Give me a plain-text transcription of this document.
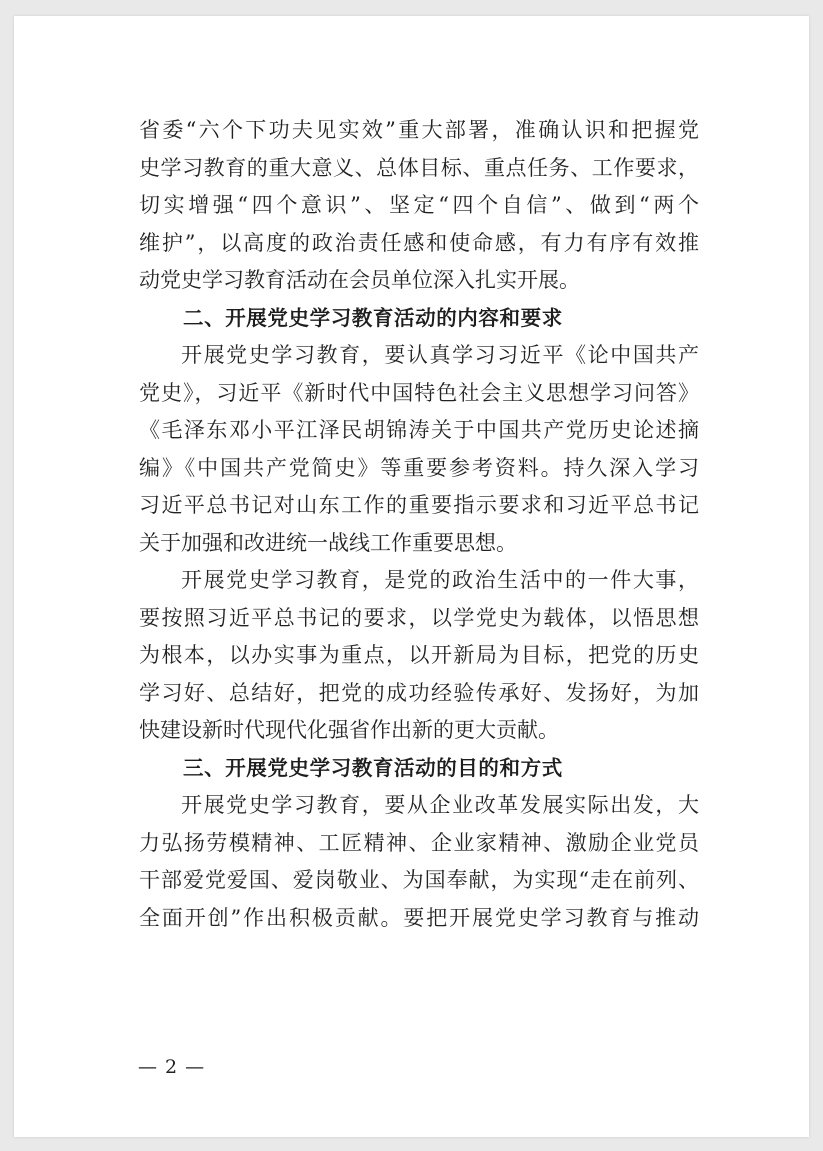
省委“六个下功夫见实效”重大部署，准确认识和把握党
史学习教育的重大意义、总体目标、重点任务、工作要求，
切实增强“四个意识”、坚定“四个自信”、做到“两个
维护”，以高度的政治责任感和使命感，有力有序有效推
动党史学习教育活动在会员单位深入扎实开展。
二、开展党史学习教育活动的内容和要求
开展党史学习教育，要认真学习习近平《论中国共产
党史》，习近平《新时代中国特色社会主义思想学习问答》
《毛泽东邓小平江泽民胡锦涛关于中国共产党历史论述摘
编》《中国共产党简史》等重要参考资料。持久深入学习
习近平总书记对山东工作的重要指示要求和习近平总书记
关于加强和改进统一战线工作重要思想。
开展党史学习教育，是党的政治生活中的一件大事，
要按照习近平总书记的要求，以学党史为载体，以悟思想
为根本，以办实事为重点，以开新局为目标，把党的历史
学习好、总结好，把党的成功经验传承好、发扬好，为加
快建设新时代现代化强省作出新的更大贡献。
三、开展党史学习教育活动的目的和方式
开展党史学习教育，要从企业改革发展实际出发，大
力弘扬劳模精神、工匠精神、企业家精神、激励企业党员
干部爱党爱国、爱岗敬业、为国奉献，为实现“走在前列、
全面开创”作出积极贡献。要把开展党史学习教育与推动
— 2 —
